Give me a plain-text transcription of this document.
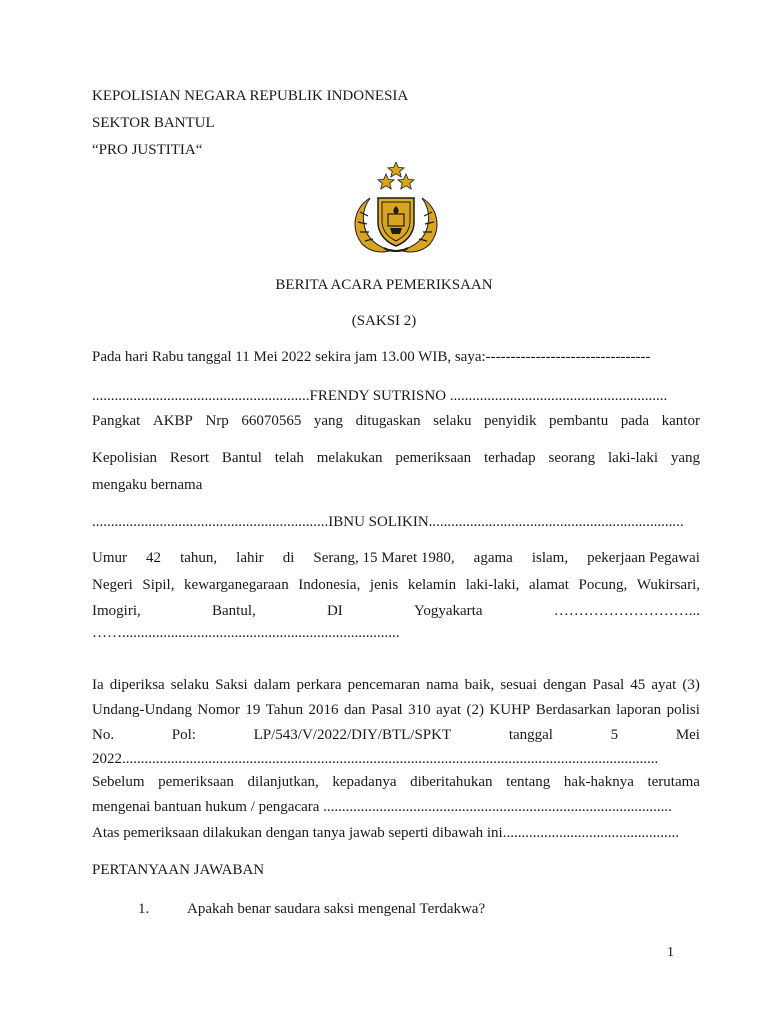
KEPOLISIAN NEGARA REPUBLIK INDONESIA
SEKTOR BANTUL
“PRO JUSTITIA“
BERITA ACARA PEMERIKSAAN
(SAKSI 2)
Pada hari Rabu tanggal 11 Mei 2022 sekira jam 13.00 WIB, saya:---------------------------------
..........................................................FRENDY SUTRISNO ..........................................................
Pangkat AKBP Nrp 66070565 yang ditugaskan selaku penyidik pembantu pada kantor
Kepolisian Resort Bantul telah melakukan pemeriksaan terhadap seorang laki-laki yang
mengaku bernama
...............................................................IBNU SOLIKIN....................................................................
Umur 42 tahun, lahir di Serang, 15 Maret 1980, agama islam, pekerjaan Pegawai
Negeri Sipil, kewarganegaraan Indonesia, jenis kelamin laki-laki, alamat Pocung, Wukirsari,
Imogiri,	Bantul,	DI	Yogyakarta	………………………...
……..........................................................................
Ia diperiksa selaku Saksi dalam perkara pencemaran nama baik, sesuai dengan Pasal 45 ayat (3)
Undang-Undang Nomor 19 Tahun 2016 dan Pasal 310 ayat (2) KUHP Berdasarkan laporan polisi
No.	Pol:	LP/543/V/2022/DIY/BTL/SPKT	tanggal	5	Mei
2022...............................................................................................................................................
Sebelum pemeriksaan dilanjutkan, kepadanya diberitahukan tentang hak-haknya terutama
mengenai bantuan hukum / pengacara .............................................................................................
Atas pemeriksaan dilakukan dengan tanya jawab seperti dibawah ini...............................................
PERTANYAAN JAWABAN
1.	Apakah benar saudara saksi mengenal Terdakwa?
1
